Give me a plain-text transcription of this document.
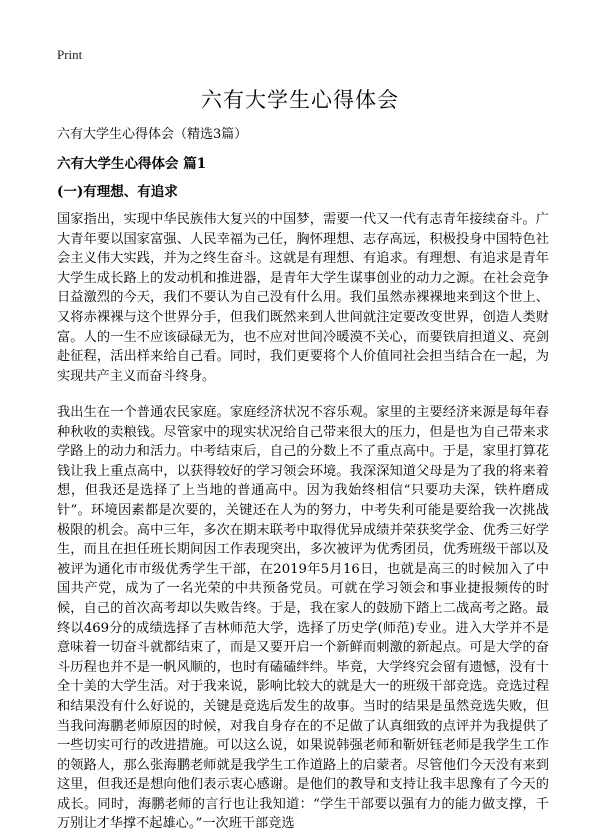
Print
六有大学生心得体会
六有大学生心得体会（精选3篇）
六有大学生心得体会 篇1
(一)有理想、有追求

国家指出，实现中华民族伟大复兴的中国梦，需要一代又一代有志青年接续奋斗。广大青年要以国家富强、人民幸福为己任，胸怀理想、志存高远，积极投身中国特色社会主义伟大实践，并为之终生奋斗。这就是有理想、有追求。有理想、有追求是青年大学生成长路上的发动机和推进器，是青年大学生谋事创业的动力之源。在社会竞争日益激烈的今天，我们不要认为自己没有什么用。我们虽然赤裸裸地来到这个世上、又将赤裸裸与这个世界分手，但我们既然来到人世间就注定要改变世界，创造人类财富。人的一生不应该碌碌无为，也不应对世间冷暖漠不关心，而要铁肩担道义、亮剑赴征程，活出样来给自己看。同时，我们更要将个人价值同社会担当结合在一起，为实现共产主义而奋斗终身。

我出生在一个普通农民家庭。家庭经济状况不容乐观。家里的主要经济来源是每年春种秋收的卖粮钱。尽管家中的现实状况给自己带来很大的压力，但是也为自己带来求学路上的动力和活力。中考结束后，自己的分数上不了重点高中。于是，家里打算花钱让我上重点高中，以获得较好的学习领会环境。我深深知道父母是为了我的将来着想，但我还是选择了上当地的普通高中。因为我始终相信“只要功夫深，铁杵磨成针”。环境因素都是次要的，关键还在人为的努力，中考失利可能是要给我一次挑战极限的机会。高中三年，多次在期末联考中取得优异成绩并荣获奖学金、优秀三好学生，而且在担任班长期间因工作表现突出，多次被评为优秀团员，优秀班级干部以及被评为通化市市级优秀学生干部，在2019年5月16日，也就是高三的时候加入了中国共产党，成为了一名光荣的中共预备党员。可就在学习领会和事业捷报频传的时候，自己的首次高考却以失败告终。于是，我在家人的鼓励下踏上二战高考之路。最终以469分的成绩选择了吉林师范大学，选择了历史学(师范)专业。进入大学并不是意味着一切奋斗就都结束了，而是又要开启一个新鲜而刺激的新起点。可是大学的奋斗历程也并不是一帆风顺的，也时有磕磕绊绊。毕竟，大学终究会留有遗憾，没有十全十美的大学生活。对于我来说，影响比较大的就是大一的班级干部竞选。竞选过程和结果没有什么好说的，关键是竞选后发生的故事。当时的结果是虽然竞选失败，但当我问海鹏老师原因的时候，对我自身存在的不足做了认真细致的点评并为我提供了一些切实可行的改进措施。可以这么说，如果说韩强老师和靳妍钰老师是我学生工作的领路人，那么张海鹏老师就是我学生工作道路上的启蒙者。尽管他们今天没有来到这里，但我还是想向他们表示衷心感谢。是他们的教导和支持让我丰思豫有了今天的成长。同时，海鹏老师的言行也让我知道：“学生干部要以强有力的能力做支撑，千万别让才华撑不起雄心。”一次班干部竞选
